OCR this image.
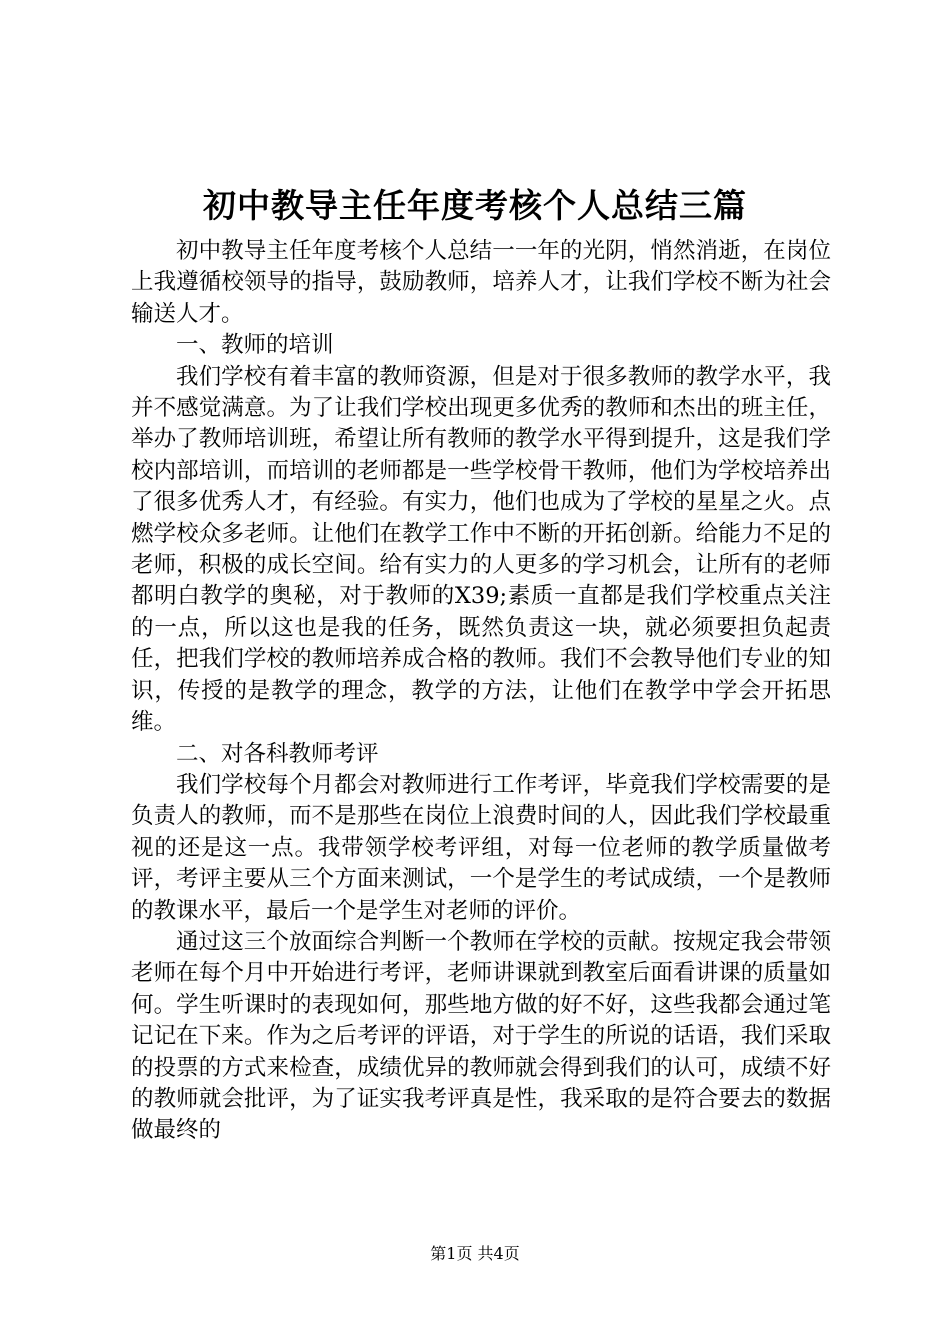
初中教导主任年度考核个人总结三篇

初中教导主任年度考核个人总结一一年的光阴，悄然消逝，在岗位上我遵循校领导的指导，鼓励教师，培养人才，让我们学校不断为社会输送人才。

一、教师的培训

我们学校有着丰富的教师资源，但是对于很多教师的教学水平，我并不感觉满意。为了让我们学校出现更多优秀的教师和杰出的班主任，举办了教师培训班，希望让所有教师的教学水平得到提升，这是我们学校内部培训，而培训的老师都是一些学校骨干教师，他们为学校培养出了很多优秀人才，有经验。有实力，他们也成为了学校的星星之火。点燃学校众多老师。让他们在教学工作中不断的开拓创新。给能力不足的老师，积极的成长空间。给有实力的人更多的学习机会，让所有的老师都明白教学的奥秘，对于教师的X39;素质一直都是我们学校重点关注的一点，所以这也是我的任务，既然负责这一块，就必须要担负起责任，把我们学校的教师培养成合格的教师。我们不会教导他们专业的知识，传授的是教学的理念，教学的方法，让他们在教学中学会开拓思维。

二、对各科教师考评

我们学校每个月都会对教师进行工作考评，毕竟我们学校需要的是负责人的教师，而不是那些在岗位上浪费时间的人，因此我们学校最重视的还是这一点。我带领学校考评组，对每一位老师的教学质量做考评，考评主要从三个方面来测试，一个是学生的考试成绩，一个是教师的教课水平，最后一个是学生对老师的评价。

通过这三个放面综合判断一个教师在学校的贡献。按规定我会带领老师在每个月中开始进行考评，老师讲课就到教室后面看讲课的质量如何。学生听课时的表现如何，那些地方做的好不好，这些我都会通过笔记记在下来。作为之后考评的评语，对于学生的所说的话语，我们采取的投票的方式来检查，成绩优异的教师就会得到我们的认可，成绩不好的教师就会批评，为了证实我考评真是性，我采取的是符合要去的数据做最终的

第1页 共4页
